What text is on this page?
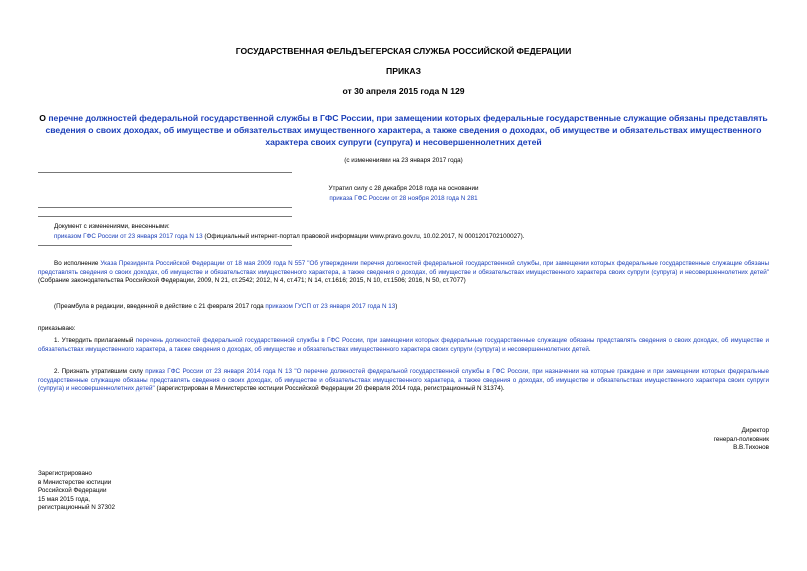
ГОСУДАРСТВЕННАЯ ФЕЛЬДЪЕГЕРСКАЯ СЛУЖБА РОССИЙСКОЙ ФЕДЕРАЦИИ
ПРИКАЗ
от 30 апреля 2015 года N 129
О перечне должностей федеральной государственной службы в ГФС России, при замещении которых федеральные государственные служащие обязаны представлять сведения о своих доходах, об имуществе и обязательствах имущественного характера, а также сведения о доходах, об имуществе и обязательствах имущественного характера своих супруги (супруга) и несовершеннолетних детей
(с изменениями на 23 января 2017 года)
Утратил силу с 28 декабря 2018 года на основании
приказа ГФС России от 28 ноября 2018 года N 281
Документ с изменениями, внесенными:
приказом ГФС России от 23 января 2017 года N 13 (Официальный интернет-портал правовой информации www.pravo.gov.ru, 10.02.2017, N 0001201702100027).
Во исполнение Указа Президента Российской Федерации от 18 мая 2009 года N 557 "Об утверждении перечня должностей федеральной государственной службы, при замещении которых федеральные государственные служащие обязаны представлять сведения о своих доходах, об имуществе и обязательствах имущественного характера, а также сведения о доходах, об имуществе и обязательствах имущественного характера своих супруги (супруга) и несовершеннолетних детей" (Собрание законодательства Российской Федерации, 2009, N 21, ст.2542; 2012, N 4, ст.471; N 14, ст.1616; 2015, N 10, ст.1506; 2016, N 50, ст.7077)
(Преамбула в редакции, введенной в действие с 21 февраля 2017 года приказом ГУСП от 23 января 2017 года N 13)
приказываю:
1. Утвердить прилагаемый перечень должностей федеральной государственной службы в ГФС России, при замещении которых федеральные государственные служащие обязаны представлять сведения о своих доходах, об имуществе и обязательствах имущественного характера, а также сведения о доходах, об имуществе и обязательствах имущественного характера своих супруги (супруга) и несовершеннолетних детей.
2. Признать утратившим силу приказ ГФС России от 23 января 2014 года N 13 "О перечне должностей федеральной государственной службы в ГФС России, при назначении на которые граждане и при замещении которых федеральные государственные служащие обязаны представлять сведения о своих доходах, об имуществе и обязательствах имущественного характера, а также сведения о доходах, об имуществе и обязательствах имущественного характера своих супруги (супруга) и несовершеннолетних детей" (зарегистрирован в Министерстве юстиции Российской Федерации 20 февраля 2014 года, регистрационный N 31374).
Директор
генерал-полковник
В.В.Тихонов
Зарегистрировано
в Министерстве юстиции
Российской Федерации
15 мая 2015 года,
регистрационный N 37302
